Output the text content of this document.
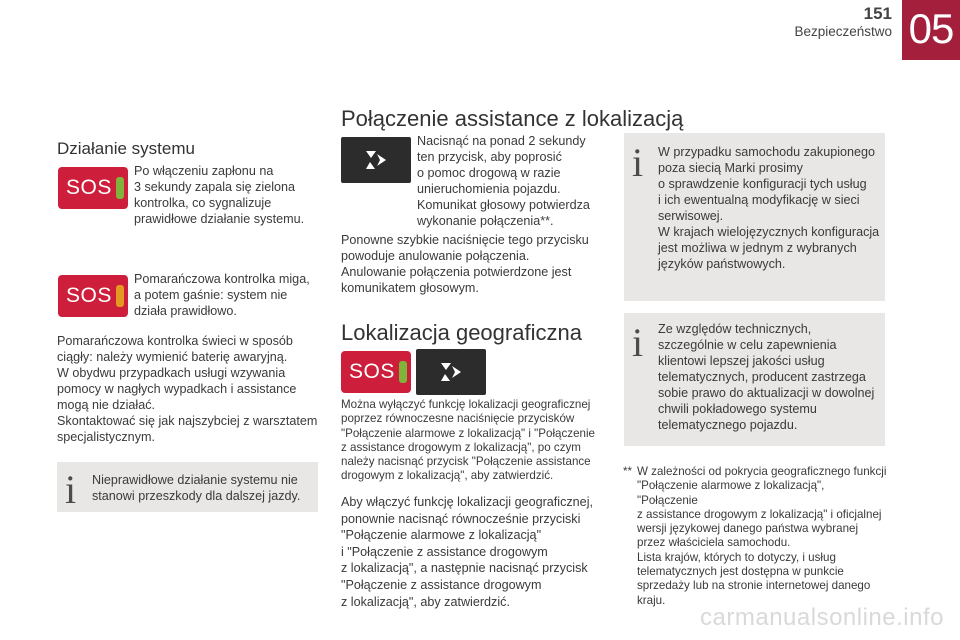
151
Bezpieczeństwo 05
Połączenie assistance z lokalizacją
Działanie systemu
SOS

Po włączeniu zapłonu na

3 sekundy zapala się zielona

kontrolka, co sygnalizuje

prawidłowe działanie systemu.

SOS

Pomarańczowa kontrolka miga,

a potem gaśnie: system nie

działa prawidłowo.

Pomarańczowa kontrolka świeci w sposób

ciągły: należy wymienić baterię awaryjną.

W obydwu przypadkach usługi wzywania

pomocy w nagłych wypadkach i assistance

mogą nie działać.

Skontaktować się jak najszybciej z warsztatem

specjalistycznym.

i Nieprawidłowe działanie systemu nie

stanowi przeszkody dla dalszej jazdy.

Nacisnąć na ponad 2 sekundy

ten przycisk, aby poprosić

o pomoc drogową w razie

unieruchomienia pojazdu.

Komunikat głosowy potwierdza

wykonanie połączenia**.

Ponowne szybkie naciśnięcie tego przycisku

powoduje anulowanie połączenia.

Anulowanie połączenia potwierdzone jest

komunikatem głosowym.

Lokalizacja geograficzna
SOS

Można wyłączyć funkcję lokalizacji geograficznej

poprzez równoczesne naciśnięcie przycisków

"Połączenie alarmowe z lokalizacją" i "Połączenie

z assistance drogowym z lokalizacją", po czym

należy nacisnąć przycisk "Połączenie assistance

drogowym z lokalizacją", aby zatwierdzić.

Aby włączyć funkcję lokalizacji geograficznej,

ponownie nacisnąć równocześnie przyciski

"Połączenie alarmowe z lokalizacją"

i "Połączenie z assistance drogowym

z lokalizacją", a następnie nacisnąć przycisk

"Połączenie z assistance drogowym

z lokalizacją", aby zatwierdzić.

i W przypadku samochodu zakupionego

poza siecią Marki prosimy

o sprawdzenie konfiguracji tych usług

i ich ewentualną modyfikację w sieci

serwisowej.

W krajach wielojęzycznych konfiguracja

jest możliwa w jednym z wybranych

języków państwowych.

i Ze względów technicznych,

szczególnie w celu zapewnienia

klientowi lepszej jakości usług

telematycznych, producent zastrzega

sobie prawo do aktualizacji w dowolnej

chwili pokładowego systemu

telematycznego pojazdu.

** W zależności od pokrycia geograficznego funkcji

"Połączenie alarmowe z lokalizacją", "Połączenie

z assistance drogowym z lokalizacją" i oficjalnej

wersji językowej danego państwa wybranej

przez właściciela samochodu.

Lista krajów, których to dotyczy, i usług

telematycznych jest dostępna w punkcie

sprzedaży lub na stronie internetowej danego

kraju.

carmanualsonline.info
